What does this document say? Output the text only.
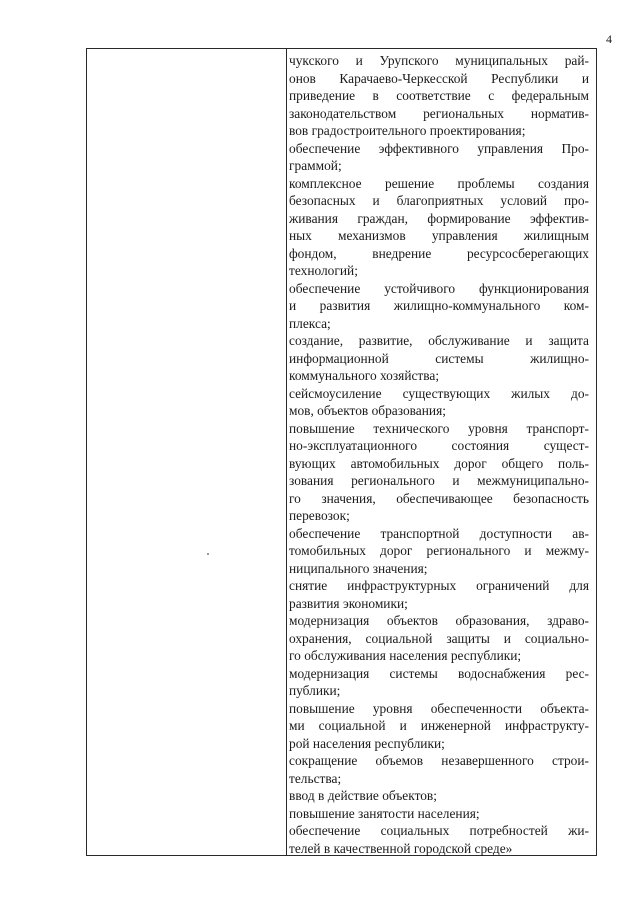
4
чукского и Урупского муниципальных рай-
онов Карачаево-Черкесской Республики и
приведение в соответствие с федеральным
законодательством региональных норматив-
вов градостроительного проектирования;
обеспечение эффективного управления Про-
граммой;
комплексное решение проблемы создания
безопасных и благоприятных условий про-
живания граждан, формирование эффектив-
ных механизмов управления жилищным
фондом, внедрение ресурсосберегающих
технологий;
обеспечение устойчивого функционирования
и развития жилищно-коммунального ком-
плекса;
создание, развитие, обслуживание и защита
информационной системы жилищно-
коммунального хозяйства;
сейсмоусиление существующих жилых до-
мов, объектов образования;
повышение технического уровня транспорт-
но-эксплуатационного состояния сущест-
вующих автомобильных дорог общего поль-
зования регионального и межмуниципально-
го значения, обеспечивающее безопасность
перевозок;
обеспечение транспортной доступности ав-
томобильных дорог регионального и межму-
ниципального значения;
снятие инфраструктурных ограничений для
развития экономики;
модернизация объектов образования, здраво-
охранения, социальной защиты и социально-
го обслуживания населения республики;
модернизация системы водоснабжения рес-
публики;
повышение уровня обеспеченности объекта-
ми социальной и инженерной инфраструкту-
рой населения республики;
сокращение объемов незавершенного строи-
тельства;
ввод в действие объектов;
повышение занятости населения;
обеспечение социальных потребностей жи-
телей в качественной городской среде»
